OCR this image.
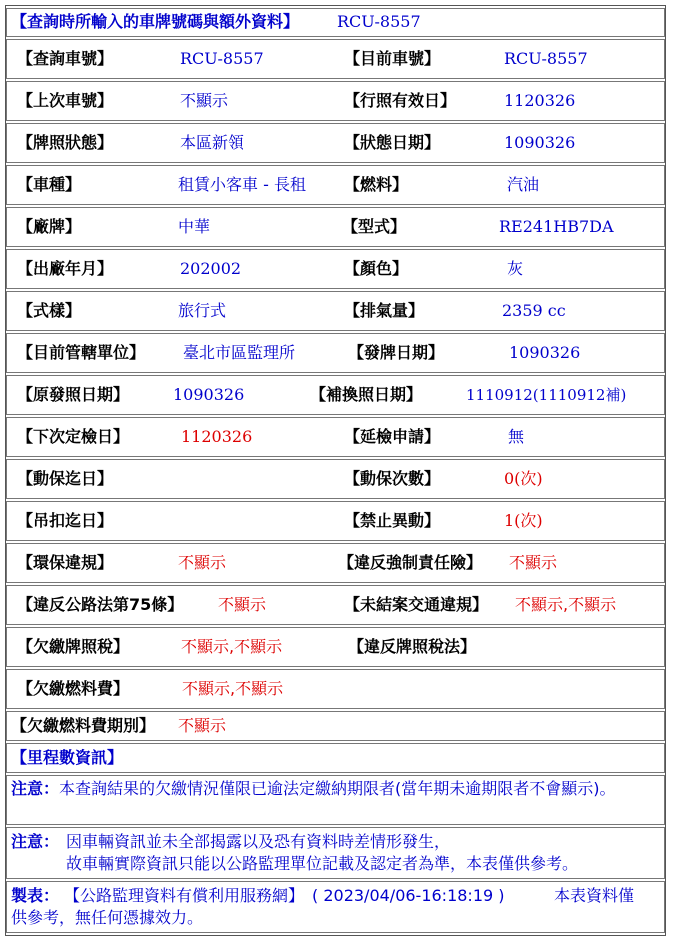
【查詢時所輸入的車牌號碼與額外資料】 RCU-8557
【查詢車號】	RCU-8557	【目前車號】	RCU-8557
【上次車號】	不顯示	【行照有效日】	1120326
【牌照狀態】	本區新領	【狀態日期】	1090326
【車種】	租賃小客車 - 長租 【燃料】	汽油
【廠牌】	中華	【型式】	RE241HB7DA
【出廠年月】	202002	【顏色】	灰
【式樣】	旅行式	【排氣量】	2359 cc
【目前管轄單位】 臺北市區監理所	【發牌日期】	1090326
【原發照日期】	1090326	【補換照日期】	1110912(1110912補)
【下次定檢日】	1120326	【延檢申請】	無
【動保迄日】	【動保次數】	0(次)
【吊扣迄日】	【禁止異動】	1(次)
【環保違規】	不顯示	【違反強制責任險】 不顯示
【違反公路法第75條】 不顯示	【未結案交通違規】 不顯示,不顯示
【欠繳牌照稅】	不顯示,不顯示	【違反牌照稅法】
【欠繳燃料費】	不顯示,不顯示
【欠繳燃料費期別】 不顯示
【里程數資訊】
注意：本查詢結果的欠繳情況僅限已逾法定繳納期限者(當年期未逾期限者不會顯示)。
注意： 因車輛資訊並未全部揭露以及恐有資料時差情形發生，
故車輛實際資訊只能以公路監理單位記載及認定者為準，本表僅供參考。
製表： 【公路監理資料有償利用服務網】 ( 2023/04/06-16:18:19 )	本表資料僅
供參考，無任何憑據效力。
